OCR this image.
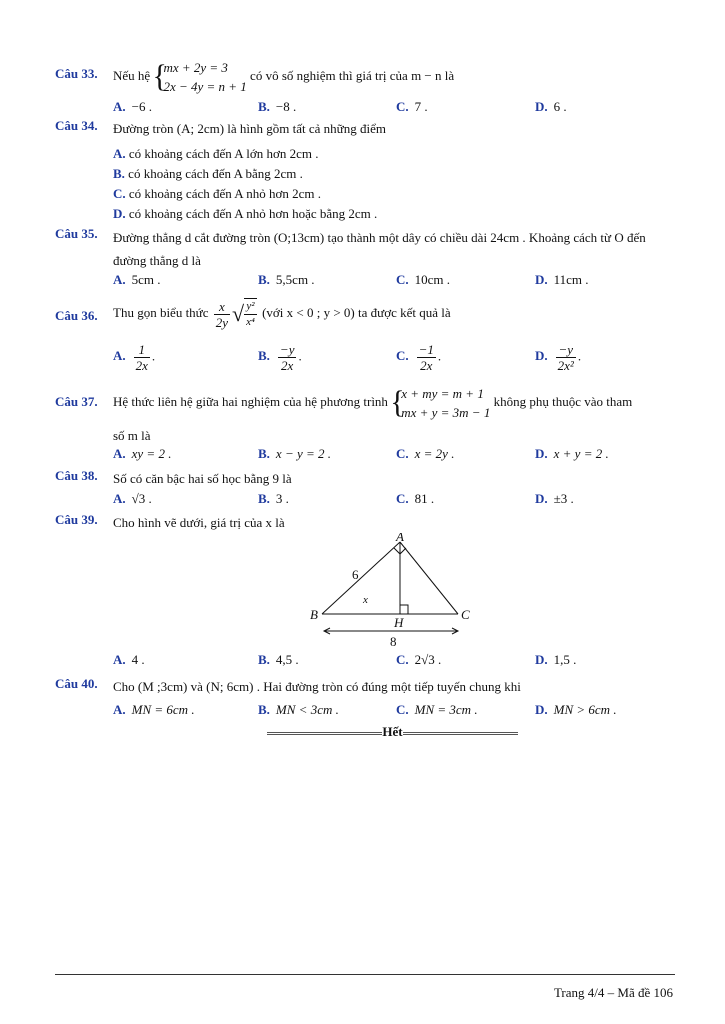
Câu 33. Nếu hệ
{ mx + 2y = 3
2x − 4y = n + 1
có vô số nghiệm thì giá trị của m − n là
A. −6 .	B. −8 .	C. 7 .	D. 6 .
Câu 34. Đường tròn (A; 2cm) là hình gồm tất cả những điểm
A. có khoảng cách đến A lớn hơn 2cm .
B. có khoảng cách đến A bằng 2cm .
C. có khoảng cách đến A nhỏ hơn 2cm .
D. có khoảng cách đến A nhỏ hơn hoặc bằng 2cm .
Câu 35. Đường thẳng d cắt đường tròn (O;13cm) tạo thành một dây có chiều dài 24cm . Khoảng cách từ O đến đường thẳng d là
A. 5cm .	B. 5,5cm .	C. 10cm .	D. 11cm .
Câu 36. Thu gọn biểu thức $\frac{x}{2y}$ √ $\frac{\text{y²}}{\text{x⁴}}$ (với x < 0 ; y > 0) ta được kết quả là
A. $\frac{1}{2x}$ .	B. $\frac{-y}{2x}$ .	C. $\frac{-1}{2x}$ .	D. $\frac{-y}{\text{2x²}}$ .
Câu 37. Hệ thức liên hệ giữa hai nghiệm của hệ phương trình
{ x + my = m + 1
mx + y = 3m − 1
không phụ thuộc vào tham
số m là
A. xy = 2 .	B. x − y = 2 .	C. x = 2y .	D. x + y = 2 .
Câu 38. Số có căn bậc hai số học bằng 9 là
A. √3 .	B. 3 .	C. 81 .	D. ±3 .
Câu 39. Cho hình vẽ dưới, giá trị của x là
A. 4 .	B. 4,5 .	C. 2√3 .	D. 1,5 .
A
B	C
H
x
6
8
Câu 40. Cho (M ;3cm) và (N; 6cm) . Hai đường tròn có đúng một tiếp tuyến chung khi
A. MN = 6cm .	B. MN < 3cm .	C. MN = 3cm .	D. MN > 6cm .
Hết
Trang 4/4 – Mã đề 106
